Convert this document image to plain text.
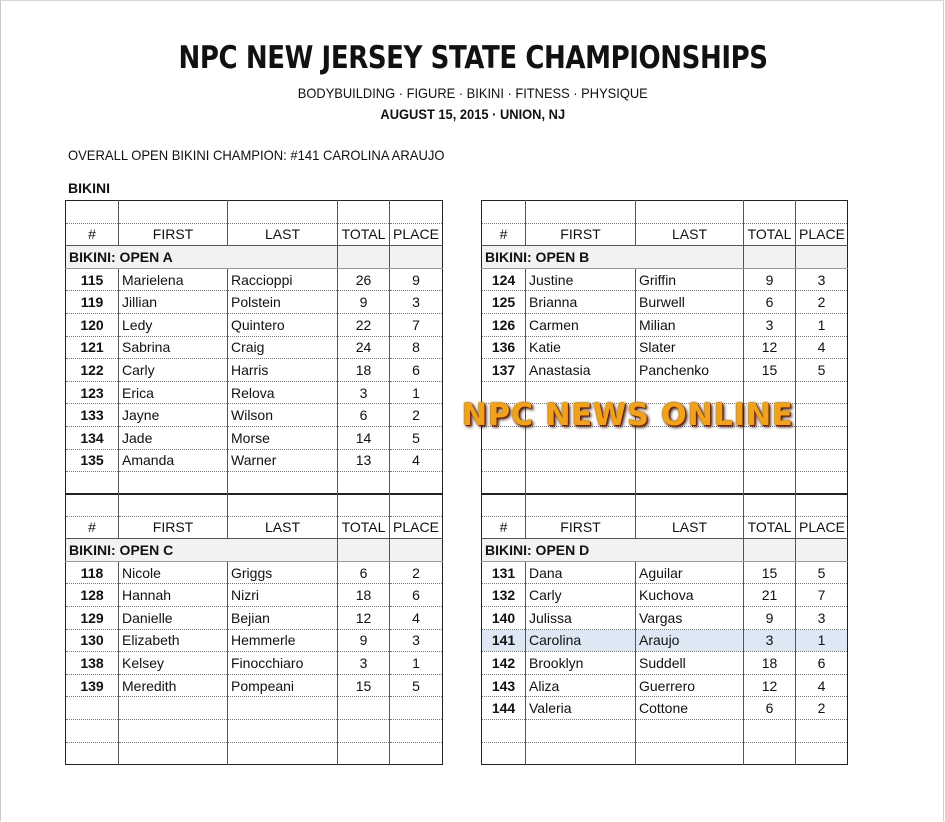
NPC NEW JERSEY STATE CHAMPIONSHIPS
BODYBUILDING · FIGURE · BIKINI · FITNESS · PHYSIQUE
AUGUST 15, 2015 · UNION, NJ
OVERALL OPEN BIKINI CHAMPION: #141 CAROLINA ARAUJO
BIKINI

#	FIRST	LAST	TOTAL	PLACE
BIKINI: OPEN A				
115	Marielena	Raccioppi	26	9
119	Jillian	Polstein	9	3
120	Ledy	Quintero	22	7
121	Sabrina	Craig	24	8
122	Carly	Harris	18	6
123	Erica	Relova	3	1
133	Jayne	Wilson	6	2
134	Jade	Morse	14	5
135	Amanda	Warner	13	4

#	FIRST	LAST	TOTAL	PLACE
BIKINI: OPEN B				
124	Justine	Griffin	9	3
125	Brianna	Burwell	6	2
126	Carmen	Milian	3	1
136	Katie	Slater	12	4
137	Anastasia	Panchenko	15	5

#	FIRST	LAST	TOTAL	PLACE
BIKINI: OPEN C				
118	Nicole	Griggs	6	2
128	Hannah	Nizri	18	6
129	Danielle	Bejian	12	4
130	Elizabeth	Hemmerle	9	3
138	Kelsey	Finocchiaro	3	1
139	Meredith	Pompeani	15	5

#	FIRST	LAST	TOTAL	PLACE
BIKINI: OPEN D				
131	Dana	Aguilar	15	5
132	Carly	Kuchova	21	7
140	Julissa	Vargas	9	3
141	Carolina	Araujo	3	1
142	Brooklyn	Suddell	18	6
143	Aliza	Guerrero	12	4
144	Valeria	Cottone	6	2

NPC NEWS ONLINE
